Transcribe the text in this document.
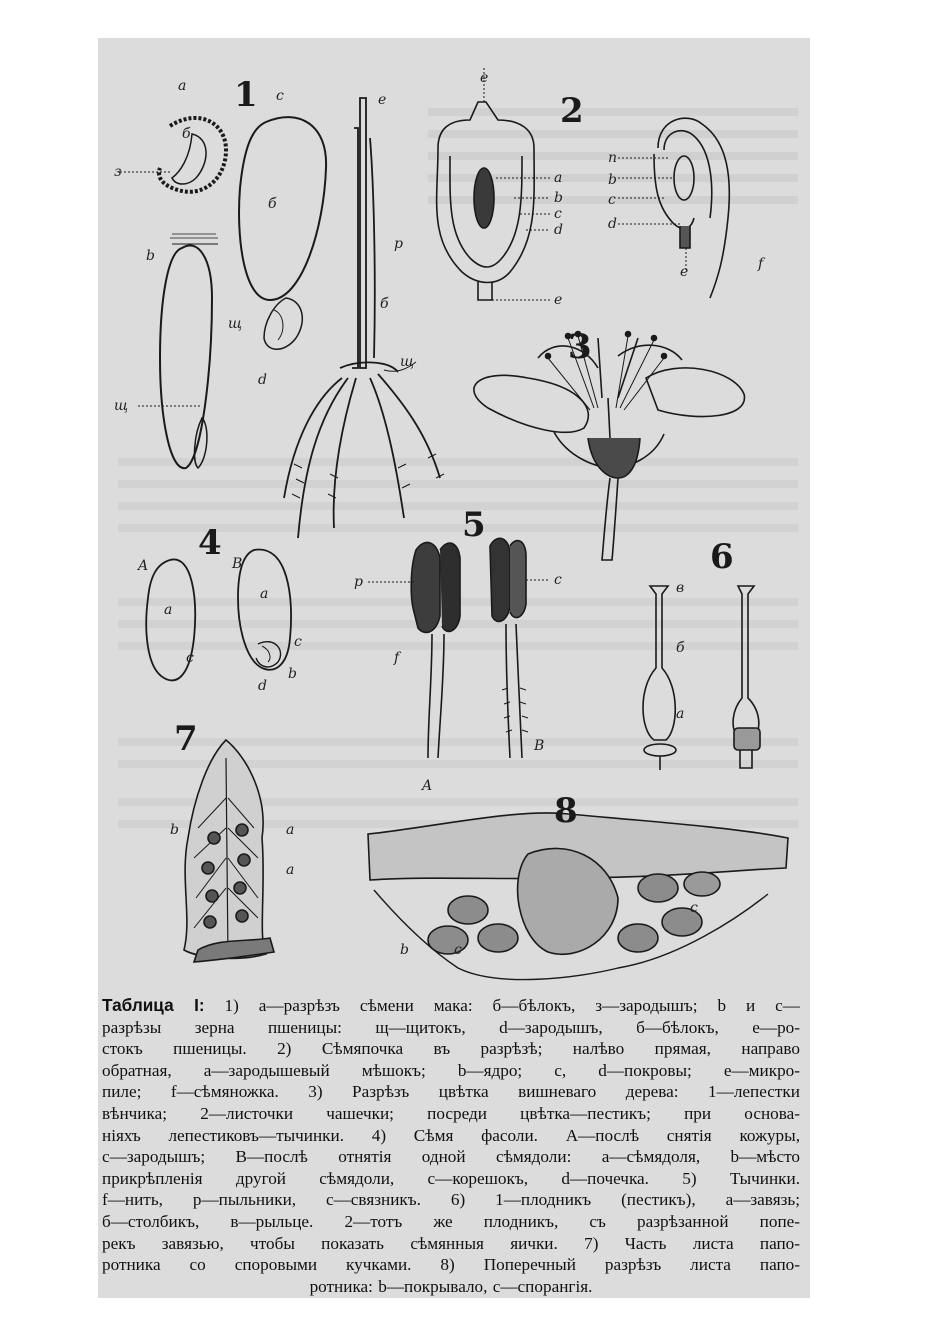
1	2
3
4	5
6
7
8
а
б
з
с
б
b
щ
щ
d
e
р
б
щ
е
а
b
с
d
е
п
b
с
d
е	f
A
a
c
B
a
c
b
d
р	с
f
A
B
в
б
a
b	a
a
c
b	c
Таблица I: 1) а—разрѣзъ сѣмени мака: б—бѣлокъ, з—зародышъ; b и с—
разрѣзы зерна пшеницы: щ—щитокъ, d—зародышъ, б—бѣлокъ, е—ро-
стокъ пшеницы. 2) Сѣмяпочка въ разрѣзѣ; налѣво прямая, направо
обратная, а—зародышевый мѣшокъ; b—ядро; с, d—покровы; е—микро-
пиле; f—сѣмяножка. 3) Разрѣзъ цвѣтка вишневаго дерева: 1—лепестки
вѣнчика; 2—листочки чашечки; посреди цвѣтка—пестикъ; при основа-
ніяхъ лепестиковъ—тычинки. 4) Сѣмя фасоли. А—послѣ снятія кожуры,
с—зародышъ; В—послѣ отнятія одной сѣмядоли: а—сѣмядоля, b—мѣсто
прикрѣпленія другой сѣмядоли, с—корешокъ, d—почечка. 5) Тычинки.
f—нить, р—пыльники, с—связникъ. 6) 1—плодникъ (пестикъ), а—завязь;
б—столбикъ, в—рыльце. 2—тотъ же плодникъ, съ разрѣзанной попе-
рекъ завязью, чтобы показать сѣмянныя яички. 7) Часть листа папо-
ротника со споровыми кучками. 8) Поперечный разрѣзъ листа папо-
ротника: b—покрывало, с—спорангія.
